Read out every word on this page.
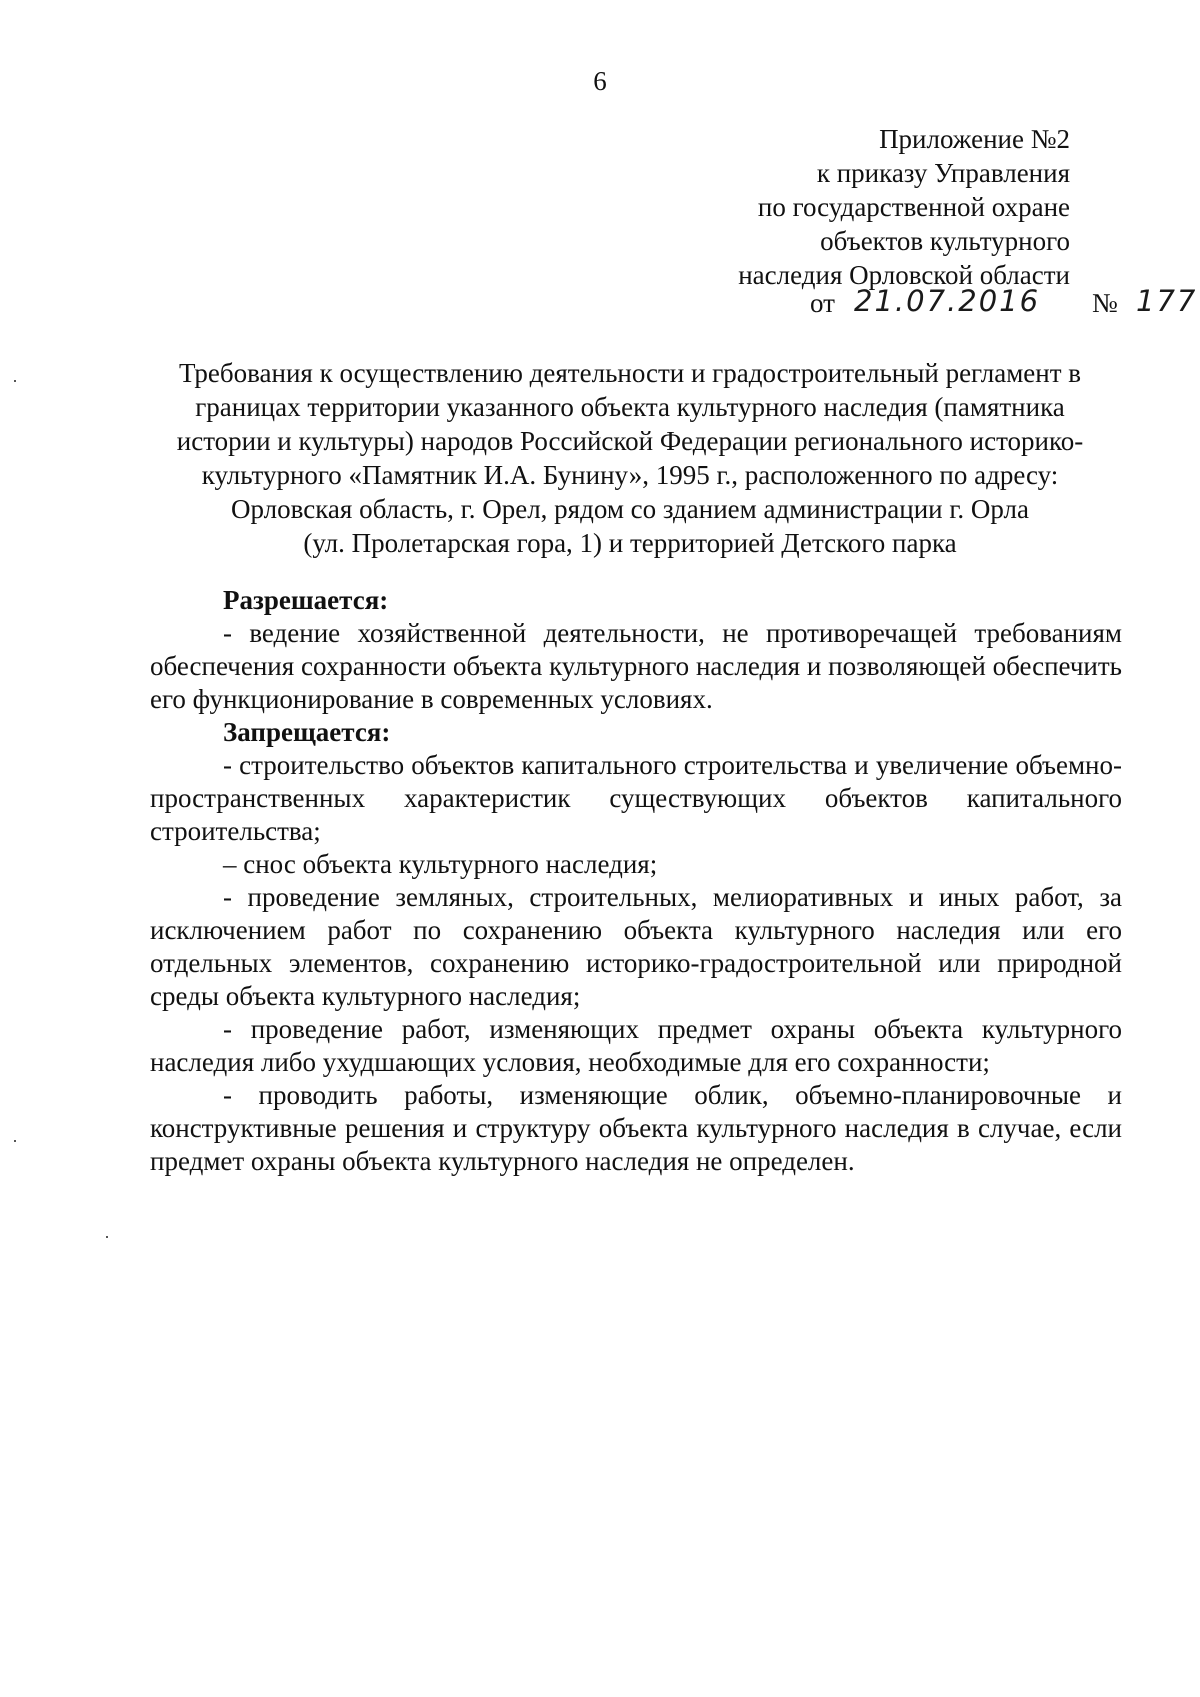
6
Приложение №2
к приказу Управления
по государственной охране
объектов культурного
наследия Орловской области
от 21.07.2016 № 177
Требования к осуществлению деятельности и градостроительный регламент в
границах территории указанного объекта культурного наследия (памятника
истории и культуры) народов Российской Федерации регионального историко-
культурного «Памятник И.А. Бунину», 1995 г., расположенного по адресу:
Орловская область, г. Орел, рядом со зданием администрации г. Орла
(ул. Пролетарская гора, 1) и территорией Детского парка

Разрешается:

- ведение хозяйственной деятельности, не противоречащей требованиям обеспечения сохранности объекта культурного наследия и позволяющей обеспечить его функционирование в современных условиях.

Запрещается:

- строительство объектов капитального строительства и увеличение объемно-пространственных характеристик существующих объектов капитального строительства;

– снос объекта культурного наследия;

- проведение земляных, строительных, мелиоративных и иных работ, за исключением работ по сохранению объекта культурного наследия или его отдельных элементов, сохранению историко-градостроительной или природной среды объекта культурного наследия;

- проведение работ, изменяющих предмет охраны объекта культурного наследия либо ухудшающих условия, необходимые для его сохранности;

- проводить работы, изменяющие облик, объемно-планировочные и конструктивные решения и структуру объекта культурного наследия в случае, если предмет охраны объекта культурного наследия не определен.
